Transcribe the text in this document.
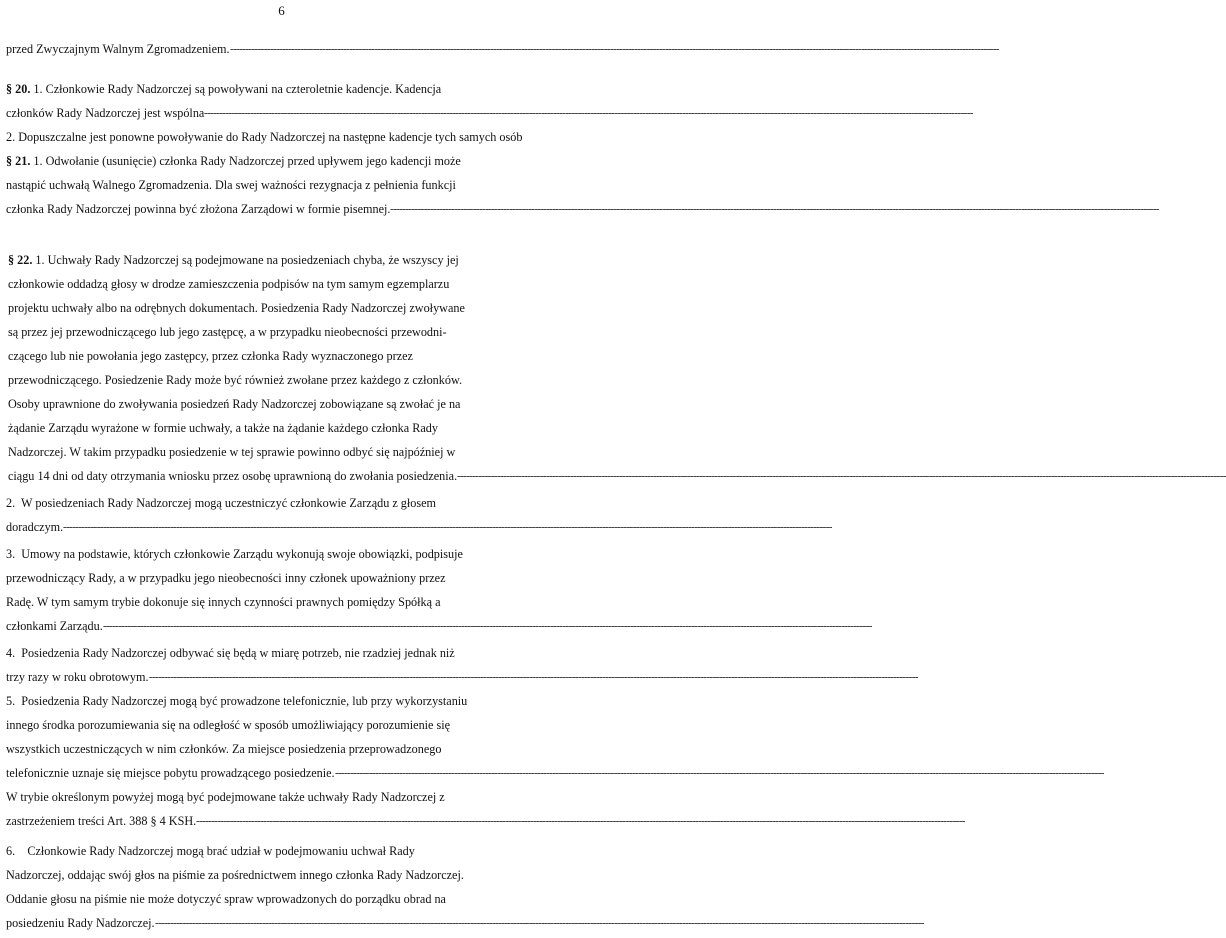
6
przed Zwyczajnym Walnym Zgromadzeniem. -----------------------------------------------------------------------------------------------------------------------------------------------------------------------------------------------------------------------------------------------------------
§ 20. 1. Członkowie Rady Nadzorczej są powoływani na czteroletnie kadencje. Kadencja
członków Rady Nadzorczej jest wspólna -----------------------------------------------------------------------------------------------------------------------------------------------------------------------------------------------------------------------------------------------------------
2. Dopuszczalne jest ponowne powoływanie do Rady Nadzorczej na następne kadencje tych samych osób
§ 21. 1. Odwołanie (usunięcie) członka Rady Nadzorczej przed upływem jego kadencji może
nastąpić uchwałą Walnego Zgromadzenia. Dla swej ważności rezygnacja z pełnienia funkcji
członka Rady Nadzorczej powinna być złożona Zarządowi w formie pisemnej. -----------------------------------------------------------------------------------------------------------------------------------------------------------------------------------------------------------------------------------------------------------
§ 22. 1. Uchwały Rady Nadzorczej są podejmowane na posiedzeniach chyba, że wszyscy jej
członkowie oddadzą głosy w drodze zamieszczenia podpisów na tym samym egzemplarzu
projektu uchwały albo na odrębnych dokumentach. Posiedzenia Rady Nadzorczej zwoływane
są przez jej przewodniczącego lub jego zastępcę, a w przypadku nieobecności przewodni-
czącego lub nie powołania jego zastępcy, przez członka Rady wyznaczonego przez
przewodniczącego. Posiedzenie Rady może być również zwołane przez każdego z członków.
Osoby uprawnione do zwoływania posiedzeń Rady Nadzorczej zobowiązane są zwołać je na
żądanie Zarządu wyrażone w formie uchwały, a także na żądanie każdego członka Rady
Nadzorczej. W takim przypadku posiedzenie w tej sprawie powinno odbyć się najpóźniej w
ciągu 14 dni od daty otrzymania wniosku przez osobę uprawnioną do zwołania posiedzenia. -----------------------------------------------------------------------------------------------------------------------------------------------------------------------------------------------------------------------------------------------------------
2.  W posiedzeniach Rady Nadzorczej mogą uczestniczyć członkowie Zarządu z głosem
doradczym. -----------------------------------------------------------------------------------------------------------------------------------------------------------------------------------------------------------------------------------------------------------
3.  Umowy na podstawie, których członkowie Zarządu wykonują swoje obowiązki, podpisuje
przewodniczący Rady, a w przypadku jego nieobecności inny członek upoważniony przez
Radę. W tym samym trybie dokonuje się innych czynności prawnych pomiędzy Spółką a
członkami Zarządu. -----------------------------------------------------------------------------------------------------------------------------------------------------------------------------------------------------------------------------------------------------------
4.  Posiedzenia Rady Nadzorczej odbywać się będą w miarę potrzeb, nie rzadziej jednak niż
trzy razy w roku obrotowym. -----------------------------------------------------------------------------------------------------------------------------------------------------------------------------------------------------------------------------------------------------------
5.  Posiedzenia Rady Nadzorczej mogą być prowadzone telefonicznie, lub przy wykorzystaniu
innego środka porozumiewania się na odległość w sposób umożliwiający porozumienie się
wszystkich uczestniczących w nim członków. Za miejsce posiedzenia przeprowadzonego
telefonicznie uznaje się miejsce pobytu prowadzącego posiedzenie. -----------------------------------------------------------------------------------------------------------------------------------------------------------------------------------------------------------------------------------------------------------
W trybie określonym powyżej mogą być podejmowane także uchwały Rady Nadzorczej z
zastrzeżeniem treści Art. 388 § 4 KSH. -----------------------------------------------------------------------------------------------------------------------------------------------------------------------------------------------------------------------------------------------------------
6.    Członkowie Rady Nadzorczej mogą brać udział w podejmowaniu uchwał Rady
Nadzorczej, oddając swój głos na piśmie za pośrednictwem innego członka Rady Nadzorczej.
Oddanie głosu na piśmie nie może dotyczyć spraw wprowadzonych do porządku obrad na
posiedzeniu Rady Nadzorczej. -----------------------------------------------------------------------------------------------------------------------------------------------------------------------------------------------------------------------------------------------------------
